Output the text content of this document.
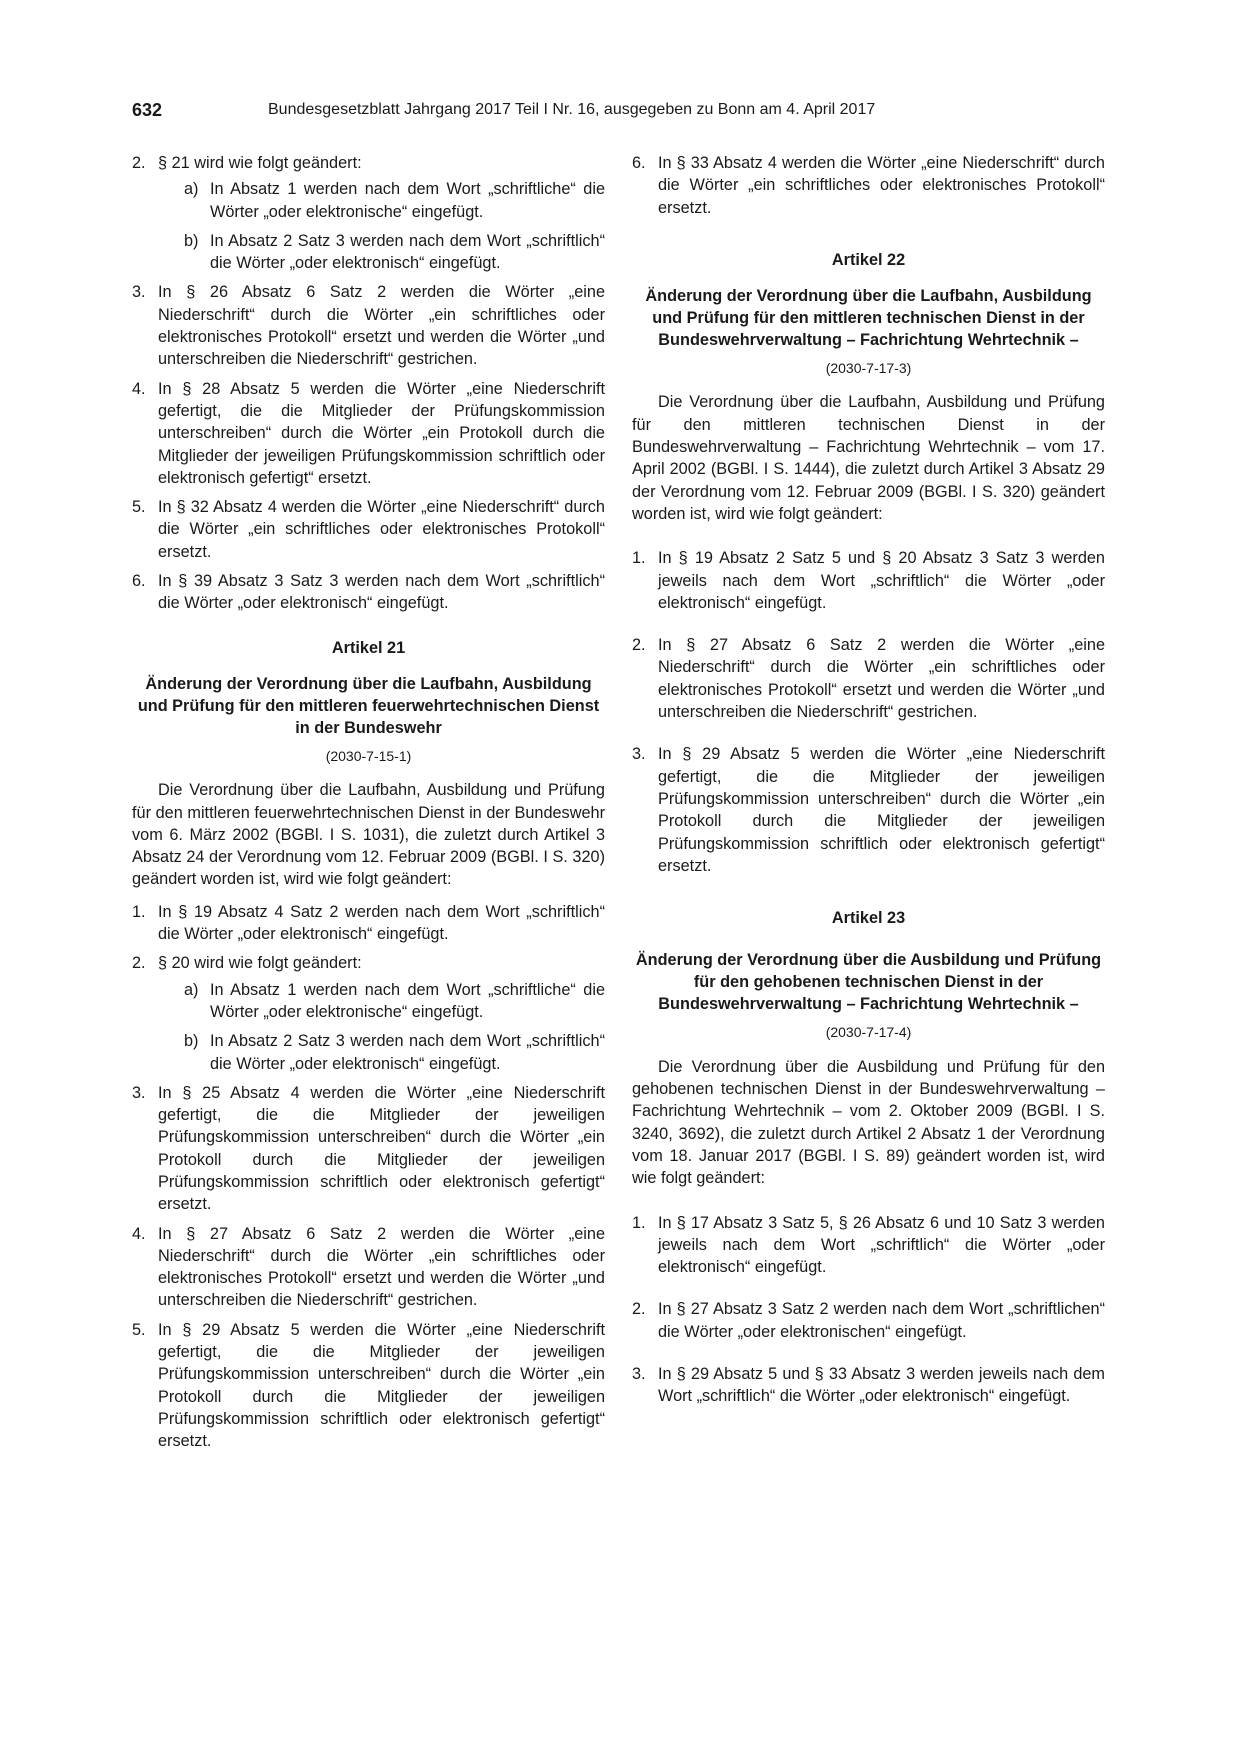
632	Bundesgesetzblatt Jahrgang 2017 Teil I Nr. 16, ausgegeben zu Bonn am 4. April 2017
2. § 21 wird wie folgt geändert:
a) In Absatz 1 werden nach dem Wort „schriftliche“ die Wörter „oder elektronische“ eingefügt.
b) In Absatz 2 Satz 3 werden nach dem Wort „schriftlich“ die Wörter „oder elektronisch“ eingefügt.
3. In § 26 Absatz 6 Satz 2 werden die Wörter „eine Niederschrift“ durch die Wörter „ein schriftliches oder elektronisches Protokoll“ ersetzt und werden die Wörter „und unterschreiben die Niederschrift“ gestrichen.
4. In § 28 Absatz 5 werden die Wörter „eine Niederschrift gefertigt, die die Mitglieder der Prüfungskommission unterschreiben“ durch die Wörter „ein Protokoll durch die Mitglieder der jeweiligen Prüfungskommission schriftlich oder elektronisch gefertigt“ ersetzt.
5. In § 32 Absatz 4 werden die Wörter „eine Niederschrift“ durch die Wörter „ein schriftliches oder elektronisches Protokoll“ ersetzt.
6. In § 39 Absatz 3 Satz 3 werden nach dem Wort „schriftlich“ die Wörter „oder elektronisch“ eingefügt.
Artikel 21
Änderung der Verordnung über die Laufbahn, Ausbildung und Prüfung für den mittleren feuerwehrtechnischen Dienst in der Bundeswehr
(2030-7-15-1)
Die Verordnung über die Laufbahn, Ausbildung und Prüfung für den mittleren feuerwehrtechnischen Dienst in der Bundeswehr vom 6. März 2002 (BGBl. I S. 1031), die zuletzt durch Artikel 3 Absatz 24 der Verordnung vom 12. Februar 2009 (BGBl. I S. 320) geändert worden ist, wird wie folgt geändert:
1. In § 19 Absatz 4 Satz 2 werden nach dem Wort „schriftlich“ die Wörter „oder elektronisch“ eingefügt.
2. § 20 wird wie folgt geändert:
a) In Absatz 1 werden nach dem Wort „schriftliche“ die Wörter „oder elektronische“ eingefügt.
b) In Absatz 2 Satz 3 werden nach dem Wort „schriftlich“ die Wörter „oder elektronisch“ eingefügt.
3. In § 25 Absatz 4 werden die Wörter „eine Niederschrift gefertigt, die die Mitglieder der jeweiligen Prüfungskommission unterschreiben“ durch die Wörter „ein Protokoll durch die Mitglieder der jeweiligen Prüfungskommission schriftlich oder elektronisch gefertigt“ ersetzt.
4. In § 27 Absatz 6 Satz 2 werden die Wörter „eine Niederschrift“ durch die Wörter „ein schriftliches oder elektronisches Protokoll“ ersetzt und werden die Wörter „und unterschreiben die Niederschrift“ gestrichen.
5. In § 29 Absatz 5 werden die Wörter „eine Niederschrift gefertigt, die die Mitglieder der jeweiligen Prüfungskommission unterschreiben“ durch die Wörter „ein Protokoll durch die Mitglieder der jeweiligen Prüfungskommission schriftlich oder elektronisch gefertigt“ ersetzt.
6. In § 33 Absatz 4 werden die Wörter „eine Niederschrift“ durch die Wörter „ein schriftliches oder elektronisches Protokoll“ ersetzt.
Artikel 22
Änderung der Verordnung über die Laufbahn, Ausbildung und Prüfung für den mittleren technischen Dienst in der Bundeswehrverwaltung – Fachrichtung Wehrtechnik –
(2030-7-17-3)
Die Verordnung über die Laufbahn, Ausbildung und Prüfung für den mittleren technischen Dienst in der Bundeswehrverwaltung – Fachrichtung Wehrtechnik – vom 17. April 2002 (BGBl. I S. 1444), die zuletzt durch Artikel 3 Absatz 29 der Verordnung vom 12. Februar 2009 (BGBl. I S. 320) geändert worden ist, wird wie folgt geändert:
1. In § 19 Absatz 2 Satz 5 und § 20 Absatz 3 Satz 3 werden jeweils nach dem Wort „schriftlich“ die Wörter „oder elektronisch“ eingefügt.
2. In § 27 Absatz 6 Satz 2 werden die Wörter „eine Niederschrift“ durch die Wörter „ein schriftliches oder elektronisches Protokoll“ ersetzt und werden die Wörter „und unterschreiben die Niederschrift“ gestrichen.
3. In § 29 Absatz 5 werden die Wörter „eine Niederschrift gefertigt, die die Mitglieder der jeweiligen Prüfungskommission unterschreiben“ durch die Wörter „ein Protokoll durch die Mitglieder der jeweiligen Prüfungskommission schriftlich oder elektronisch gefertigt“ ersetzt.
Artikel 23
Änderung der Verordnung über die Ausbildung und Prüfung für den gehobenen technischen Dienst in der Bundeswehrverwaltung – Fachrichtung Wehrtechnik –
(2030-7-17-4)
Die Verordnung über die Ausbildung und Prüfung für den gehobenen technischen Dienst in der Bundeswehrverwaltung – Fachrichtung Wehrtechnik – vom 2. Oktober 2009 (BGBl. I S. 3240, 3692), die zuletzt durch Artikel 2 Absatz 1 der Verordnung vom 18. Januar 2017 (BGBl. I S. 89) geändert worden ist, wird wie folgt geändert:
1. In § 17 Absatz 3 Satz 5, § 26 Absatz 6 und 10 Satz 3 werden jeweils nach dem Wort „schriftlich“ die Wörter „oder elektronisch“ eingefügt.
2. In § 27 Absatz 3 Satz 2 werden nach dem Wort „schriftlichen“ die Wörter „oder elektronischen“ eingefügt.
3. In § 29 Absatz 5 und § 33 Absatz 3 werden jeweils nach dem Wort „schriftlich“ die Wörter „oder elektronisch“ eingefügt.
